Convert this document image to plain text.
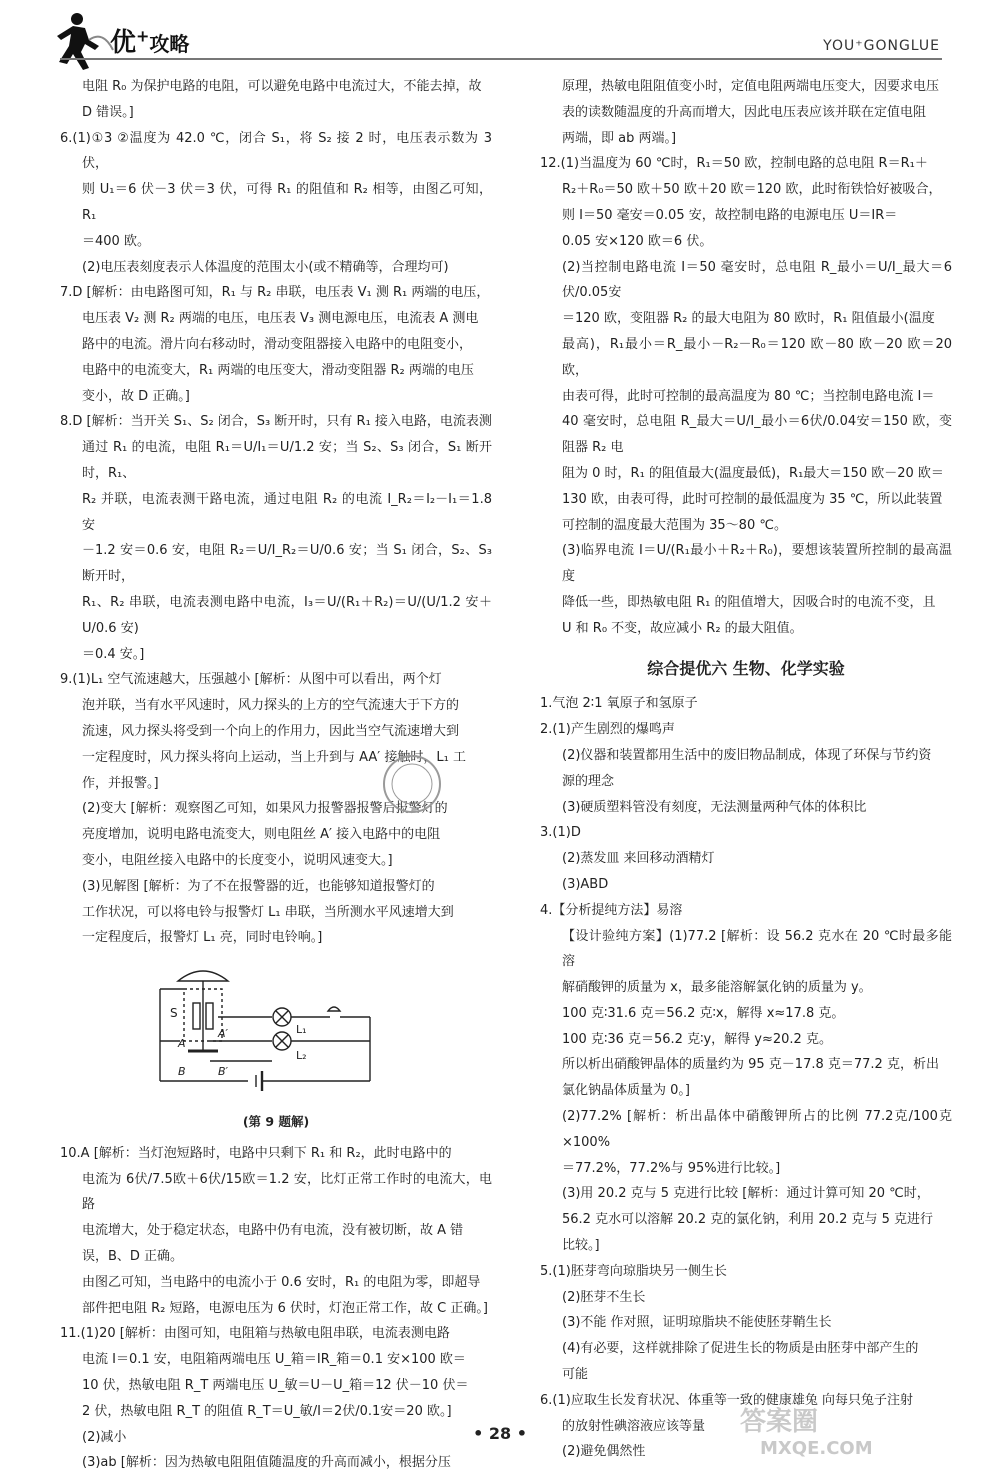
优+攻略	YOU⁺GONGLUE

电阻 R₀ 为保护电路的电阻，可以避免电路中电流过大，不能去掉，故

D 错误。]

6.(1)①3 ②温度为 42.0 ℃，闭合 S₁，将 S₂ 接 2 时，电压表示数为 3 伏，

则 U₁＝6 伏－3 伏＝3 伏，可得 R₁ 的阻值和 R₂ 相等，由图乙可知，R₁

＝400 欧。

(2)电压表刻度表示人体温度的范围太小(或不精确等，合理均可)

7.D [解析：由电路图可知，R₁ 与 R₂ 串联，电压表 V₁ 测 R₁ 两端的电压，

电压表 V₂ 测 R₂ 两端的电压，电压表 V₃ 测电源电压，电流表 A 测电

路中的电流。滑片向右移动时，滑动变阻器接入电路中的电阻变小，

电路中的电流变大，R₁ 两端的电压变大，滑动变阻器 R₂ 两端的电压

变小，故 D 正确。]

8.D [解析：当开关 S₁、S₂ 闭合，S₃ 断开时，只有 R₁ 接入电路，电流表测

通过 R₁ 的电流，电阻 R₁＝U/I₁＝U/1.2 安；当 S₂、S₃ 闭合，S₁ 断开时，R₁、

R₂ 并联，电流表测干路电流，通过电阻 R₂ 的电流 I_R₂＝I₂－I₁＝1.8 安

－1.2 安＝0.6 安，电阻 R₂＝U/I_R₂＝U/0.6 安；当 S₁ 闭合，S₂、S₃ 断开时，

R₁、R₂ 串联，电流表测电路中电流，I₃＝U/(R₁＋R₂)＝U/(U/1.2 安＋U/0.6 安)

＝0.4 安。]

9.(1)L₁ 空气流速越大，压强越小 [解析：从图中可以看出，两个灯

泡并联，当有水平风速时，风力探头的上方的空气流速大于下方的

流速，风力探头将受到一个向上的作用力，因此当空气流速增大到

一定程度时，风力探头将向上运动，当上升到与 AA′ 接触时，L₁ 工

作，并报警。]

(2)变大 [解析：观察图乙可知，如果风力报警器报警后报警灯的

亮度增加，说明电路电流变大，则电阻丝 A′ 接入电路中的电阻

变小，电阻丝接入电路中的长度变小，说明风速变大。]

(3)见解图 [解析：为了不在报警器的近，也能够知道报警灯的

工作状况，可以将电铃与报警灯 L₁ 串联，当所测水平风速增大到

一定程度后，报警灯 L₁ 亮，同时电铃响。]

S
A
A′
B	B′
L₁
L₂
(第 9 题解)

10.A [解析：当灯泡短路时，电路中只剩下 R₁ 和 R₂，此时电路中的

电流为 6伏/7.5欧＋6伏/15欧＝1.2 安，比灯正常工作时的电流大，电路

电流增大，处于稳定状态，电路中仍有电流，没有被切断，故 A 错

误，B、D 正确。

由图乙可知，当电路中的电流小于 0.6 安时，R₁ 的电阻为零，即超导

部件把电阻 R₂ 短路，电源电压为 6 伏时，灯泡正常工作，故 C 正确。]

11.(1)20 [解析：由图可知，电阻箱与热敏电阻串联，电流表测电路

电流 I＝0.1 安，电阻箱两端电压 U_箱＝IR_箱＝0.1 安×100 欧＝

10 伏，热敏电阻 R_T 两端电压 U_敏＝U－U_箱＝12 伏－10 伏＝

2 伏，热敏电阻 R_T 的阻值 R_T＝U_敏/I＝2伏/0.1安＝20 欧。]

(2)减小

(3)ab [解析：因为热敏电阻阻值随温度的升高而减小，根据分压

原理，热敏电阻阻值变小时，定值电阻两端电压变大，因要求电压

表的读数随温度的升高而增大，因此电压表应该并联在定值电阻

两端，即 ab 两端。]

12.(1)当温度为 60 ℃时，R₁＝50 欧，控制电路的总电阻 R＝R₁＋

R₂＋R₀＝50 欧＋50 欧＋20 欧＝120 欧，此时衔铁恰好被吸合，

则 I＝50 毫安＝0.05 安，故控制电路的电源电压 U＝IR＝

0.05 安×120 欧＝6 伏。

(2)当控制电路电流 I＝50 毫安时，总电阻 R_最小＝U/I_最大＝6伏/0.05安

＝120 欧，变阻器 R₂ 的最大电阻为 80 欧时，R₁ 阻值最小(温度

最高)，R₁最小＝R_最小－R₂－R₀＝120 欧－80 欧－20 欧＝20 欧，

由表可得，此时可控制的最高温度为 80 ℃；当控制电路电流 I＝

40 毫安时，总电阻 R_最大＝U/I_最小＝6伏/0.04安＝150 欧，变阻器 R₂ 电

阻为 0 时，R₁ 的阻值最大(温度最低)，R₁最大＝150 欧－20 欧＝

130 欧，由表可得，此时可控制的最低温度为 35 ℃，所以此装置

可控制的温度最大范围为 35～80 ℃。

(3)临界电流 I＝U/(R₁最小＋R₂＋R₀)，要想该装置所控制的最高温度

降低一些，即热敏电阻 R₁ 的阻值增大，因吸合时的电流不变，且

U 和 R₀ 不变，故应减小 R₂ 的最大阻值。

综合提优六 生物、化学实验

1.气泡 2∶1 氧原子和氢原子

2.(1)产生剧烈的爆鸣声

(2)仪器和装置都用生活中的废旧物品制成，体现了环保与节约资

源的理念

(3)硬质塑料管没有刻度，无法测量两种气体的体积比

3.(1)D

(2)蒸发皿 来回移动酒精灯

(3)ABD

4.【分析提纯方法】易溶

【设计验纯方案】(1)77.2 [解析：设 56.2 克水在 20 ℃时最多能溶

解硝酸钾的质量为 x，最多能溶解氯化钠的质量为 y。

100 克∶31.6 克＝56.2 克∶x，解得 x≈17.8 克。

100 克∶36 克＝56.2 克∶y，解得 y≈20.2 克。

所以析出硝酸钾晶体的质量约为 95 克－17.8 克＝77.2 克，析出

氯化钠晶体质量为 0。]

(2)77.2% [解析：析出晶体中硝酸钾所占的比例 77.2克/100克 ×100%

＝77.2%，77.2%与 95%进行比较。]

(3)用 20.2 克与 5 克进行比较 [解析：通过计算可知 20 ℃时，

56.2 克水可以溶解 20.2 克的氯化钠，利用 20.2 克与 5 克进行

比较。]

5.(1)胚芽弯向琼脂块另一侧生长

(2)胚芽不生长

(3)不能 作对照，证明琼脂块不能使胚芽鞘生长

(4)有必要，这样就排除了促进生长的物质是由胚芽中部产生的

可能

6.(1)应取生长发育状况、体重等一致的健康雄兔 向每只兔子注射

的放射性碘溶液应该等量

(2)避免偶然性

• 28 •	答案圈
MXQE.COM
